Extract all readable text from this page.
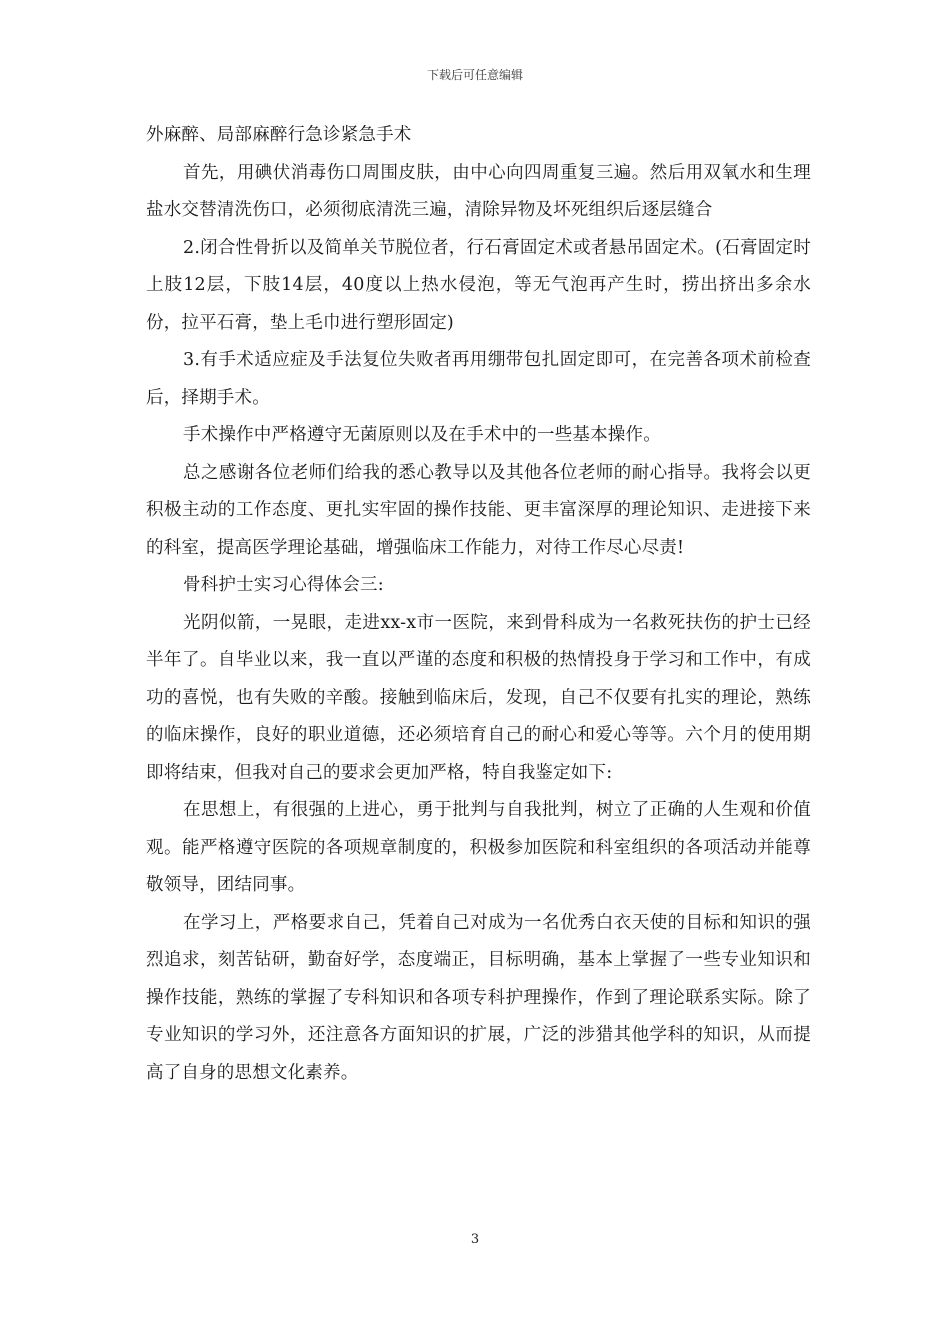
下载后可任意编辑

外麻醉、局部麻醉行急诊紧急手术

首先，用碘伏消毒伤口周围皮肤，由中心向四周重复三遍。然后用双氧水和生理盐水交替清洗伤口，必须彻底清洗三遍，清除异物及坏死组织后逐层缝合

2.闭合性骨折以及简单关节脱位者，行石膏固定术或者悬吊固定术。(石膏固定时上肢12层，下肢14层，40度以上热水侵泡，等无气泡再产生时，捞出挤出多余水份，拉平石膏，垫上毛巾进行塑形固定)

3.有手术适应症及手法复位失败者再用绷带包扎固定即可，在完善各项术前检查后，择期手术。

手术操作中严格遵守无菌原则以及在手术中的一些基本操作。

总之感谢各位老师们给我的悉心教导以及其他各位老师的耐心指导。我将会以更积极主动的工作态度、更扎实牢固的操作技能、更丰富深厚的理论知识、走进接下来的科室，提高医学理论基础，增强临床工作能力，对待工作尽心尽责!

骨科护士实习心得体会三:

光阴似箭，一晃眼，走进xx-x市一医院，来到骨科成为一名救死扶伤的护士已经半年了。自毕业以来，我一直以严谨的态度和积极的热情投身于学习和工作中，有成功的喜悦，也有失败的辛酸。接触到临床后，发现，自己不仅要有扎实的理论，熟练的临床操作，良好的职业道德，还必须培育自己的耐心和爱心等等。六个月的使用期即将结束，但我对自己的要求会更加严格，特自我鉴定如下:

在思想上，有很强的上进心，勇于批判与自我批判，树立了正确的人生观和价值观。能严格遵守医院的各项规章制度的，积极参加医院和科室组织的各项活动并能尊敬领导，团结同事。

在学习上，严格要求自己，凭着自己对成为一名优秀白衣天使的目标和知识的强烈追求，刻苦钻研，勤奋好学，态度端正，目标明确，基本上掌握了一些专业知识和操作技能，熟练的掌握了专科知识和各项专科护理操作，作到了理论联系实际。除了专业知识的学习外，还注意各方面知识的扩展，广泛的涉猎其他学科的知识，从而提高了自身的思想文化素养。

3
